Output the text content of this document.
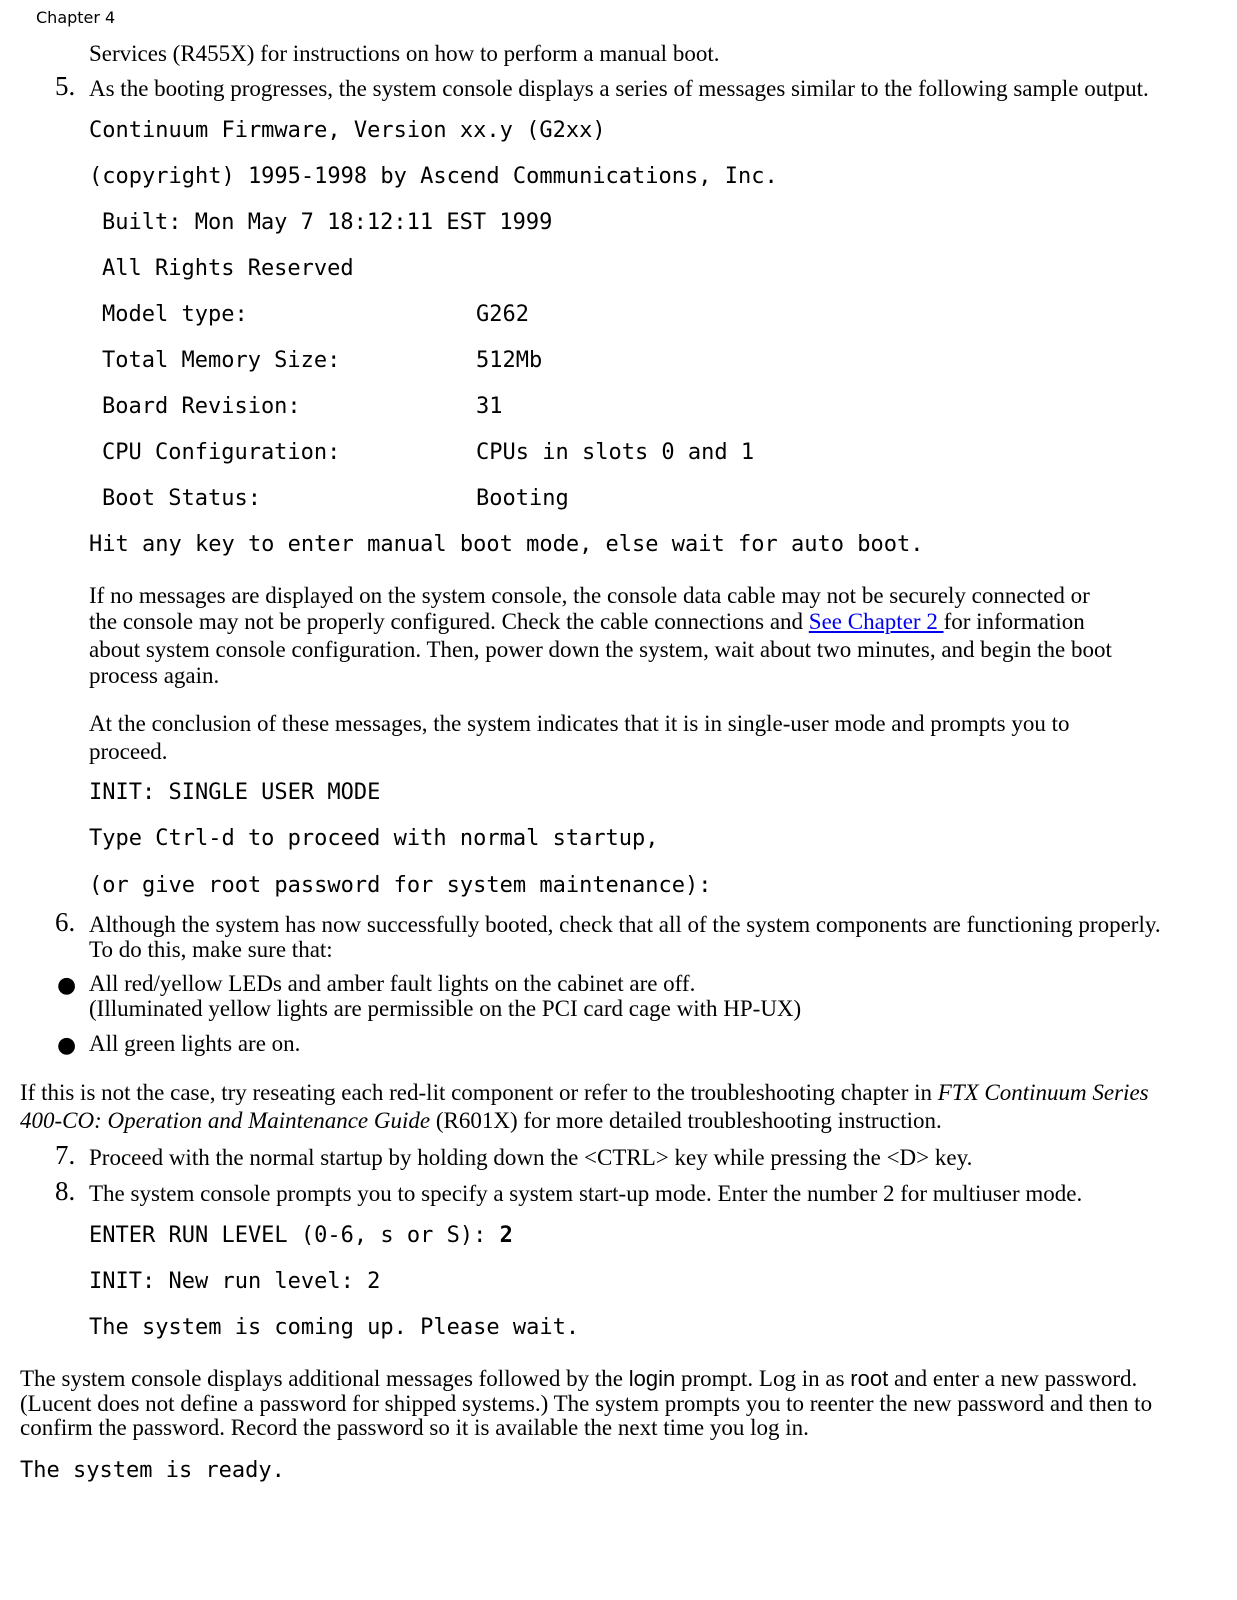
Chapter 4
Services (R455X) for instructions on how to perform a manual boot.
5. As the booting progresses, the system console displays a series of messages similar to the following sample output.
Continuum Firmware, Version xx.y (G2xx)
(copyright) 1995-1998 by Ascend Communications, Inc.
Built: Mon May 7 18:12:11 EST 1999
All Rights Reserved
Model type:	G262
Total Memory Size:	512Mb
Board Revision:	31
CPU Configuration:	CPUs in slots 0 and 1
Boot Status:	Booting
Hit any key to enter manual boot mode, else wait for auto boot.
If no messages are displayed on the system console, the console data cable may not be securely connected or
the console may not be properly configured. Check the cable connections and See Chapter 2 for information
about system console configuration. Then, power down the system, wait about two minutes, and begin the boot
process again.
At the conclusion of these messages, the system indicates that it is in single-user mode and prompts you to
proceed.
INIT: SINGLE USER MODE
Type Ctrl-d to proceed with normal startup,
(or give root password for system maintenance):
6. Although the system has now successfully booted, check that all of the system components are functioning properly.
To do this, make sure that:
● All red/yellow LEDs and amber fault lights on the cabinet are off.
(Illuminated yellow lights are permissible on the PCI card cage with HP-UX)
● All green lights are on.
If this is not the case, try reseating each red-lit component or refer to the troubleshooting chapter in FTX Continuum Series
400-CO: Operation and Maintenance Guide (R601X) for more detailed troubleshooting instruction.
7. Proceed with the normal startup by holding down the <CTRL> key while pressing the <D> key.
8. The system console prompts you to specify a system start-up mode. Enter the number 2 for multiuser mode.
ENTER RUN LEVEL (0-6, s or S): 2
INIT: New run level: 2
The system is coming up. Please wait.
The system console displays additional messages followed by the login prompt. Log in as root and enter a new password.
(Lucent does not define a password for shipped systems.) The system prompts you to reenter the new password and then to
confirm the password. Record the password so it is available the next time you log in.
The system is ready.
